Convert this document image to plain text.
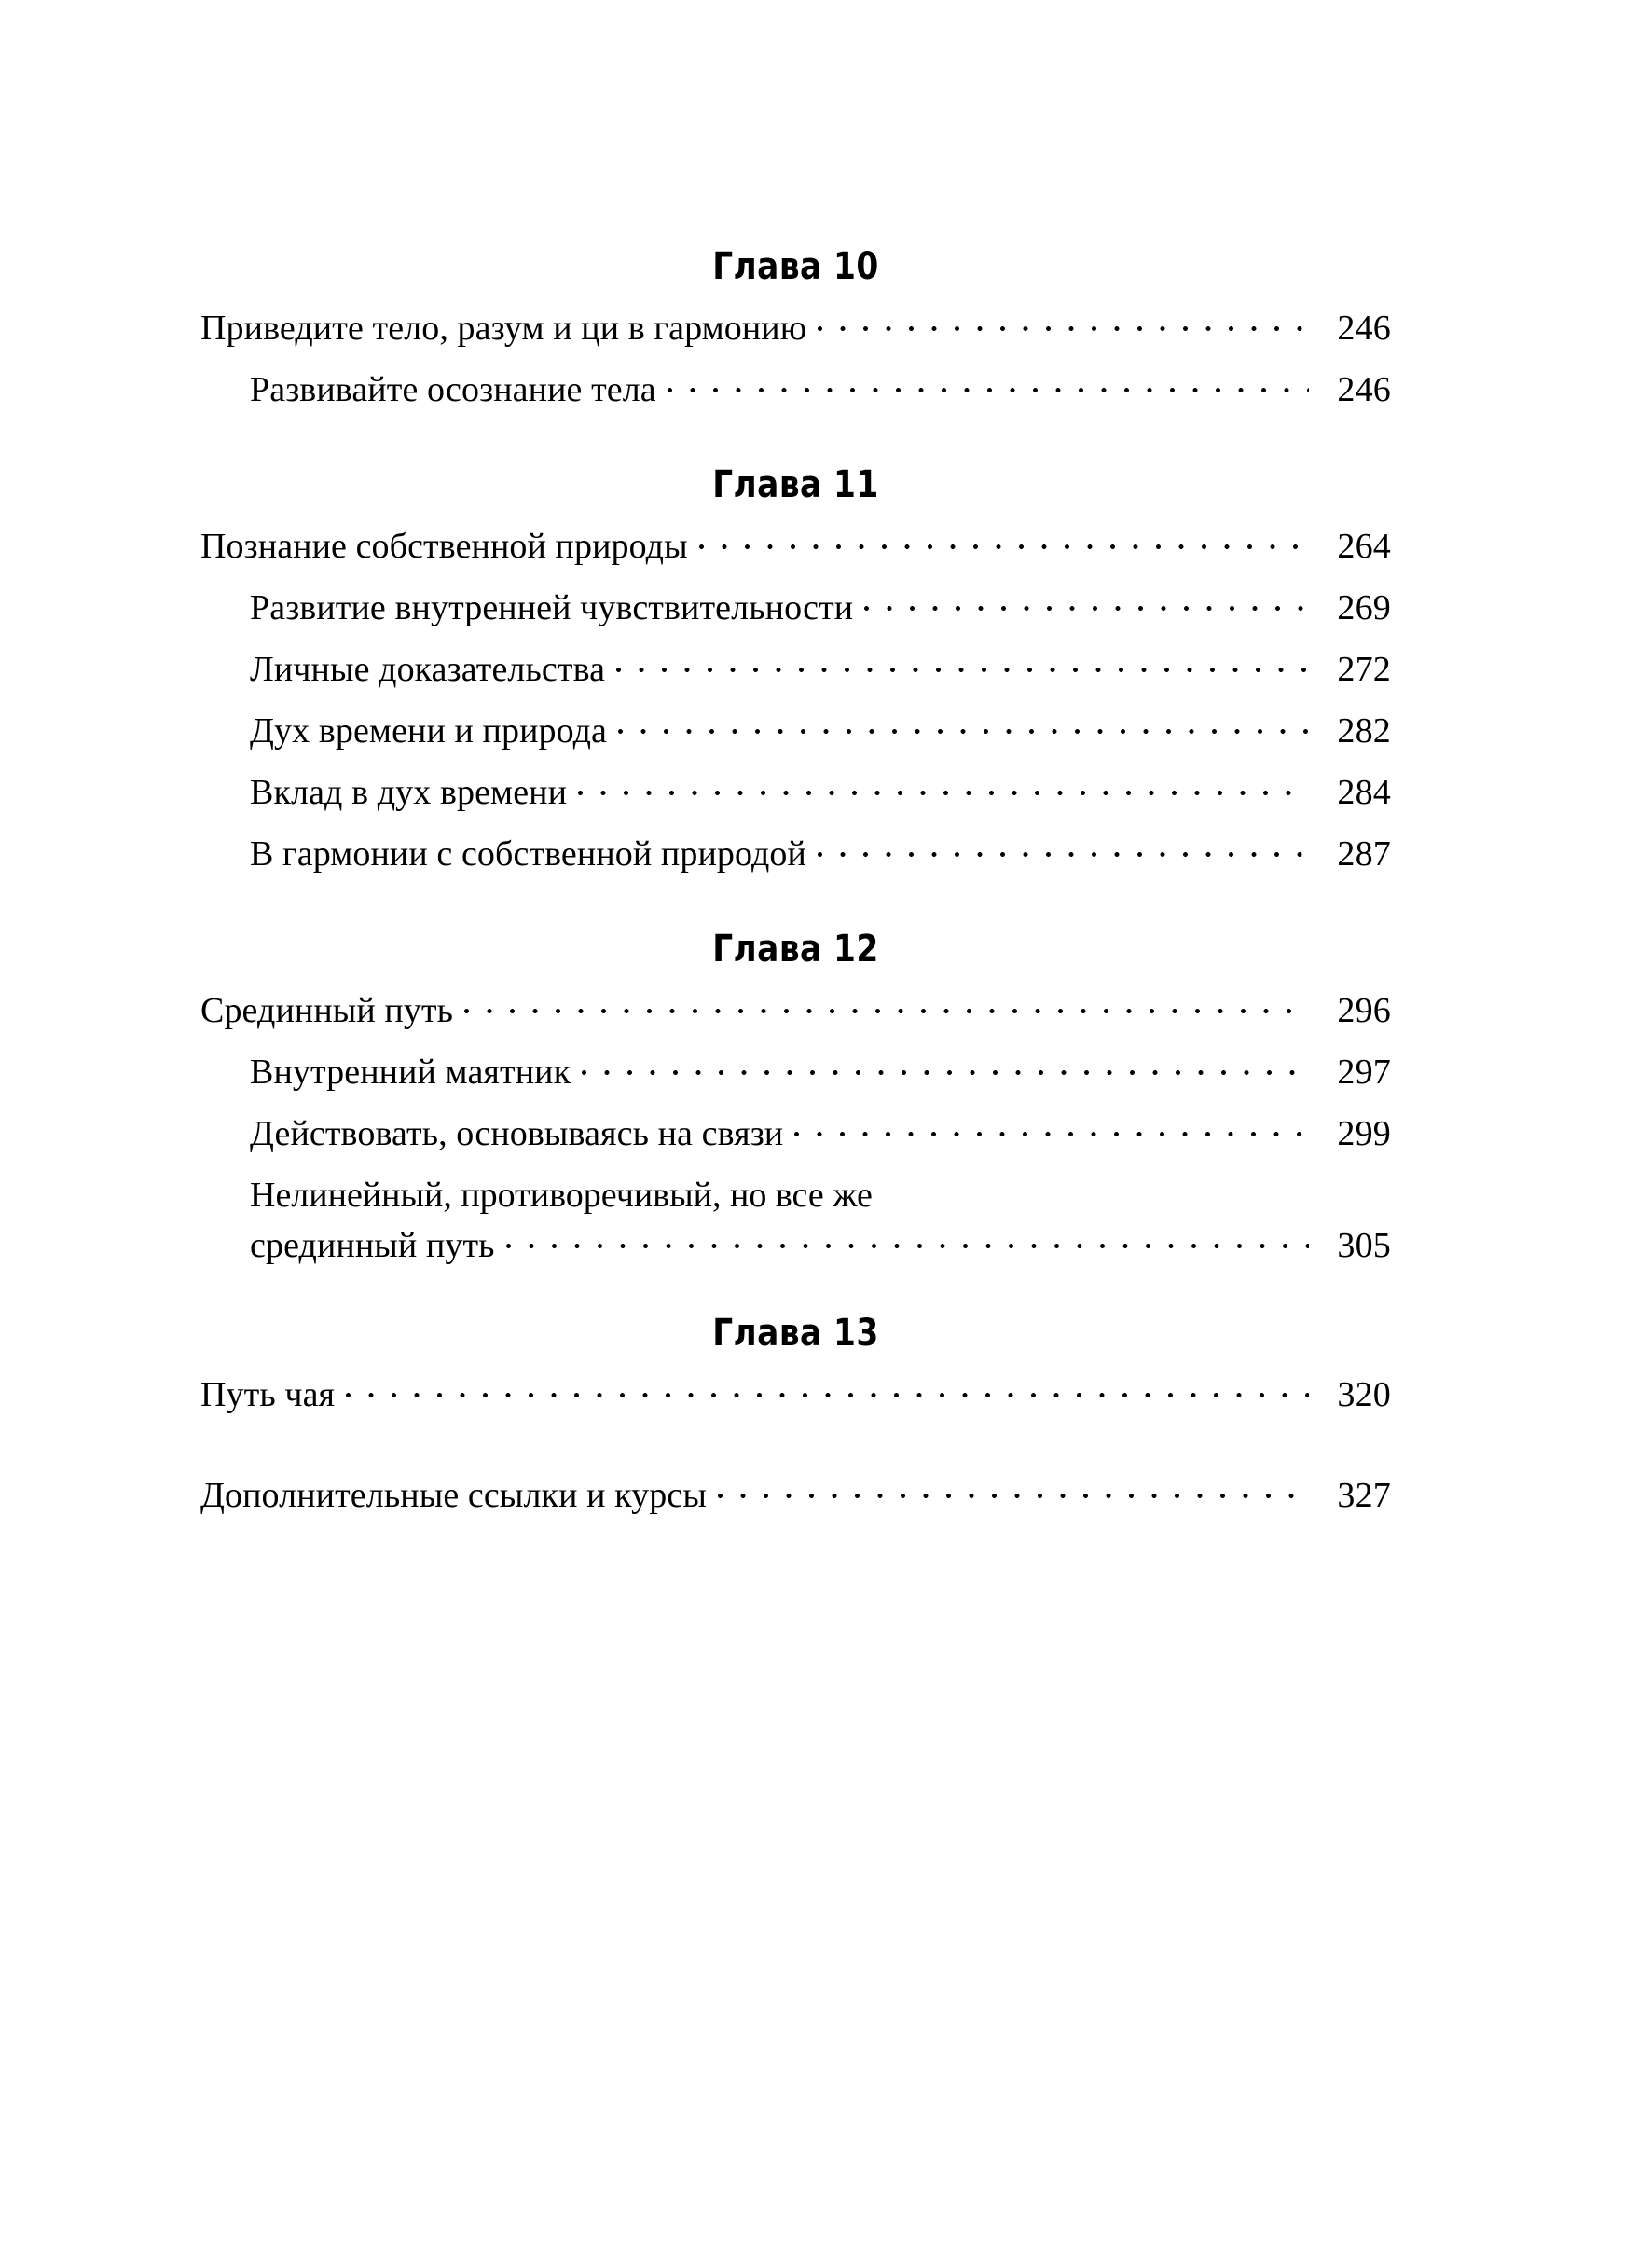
Глава 10
Приведите тело, разум и ци в гармонию	246
Развивайте осознание тела	246
Глава 11
Познание собственной природы	264
Развитие внутренней чувствительности	269
Личные доказательства	272
Дух времени и природа	282
Вклад в дух времени	284
В гармонии с собственной природой	287
Глава 12
Срединный путь	296
Внутренний маятник	297
Действовать, основываясь на связи	299
Нелинейный, противоречивый, но все же
срединный путь	305
Глава 13
Путь чая	320
Дополнительные ссылки и курсы	327
